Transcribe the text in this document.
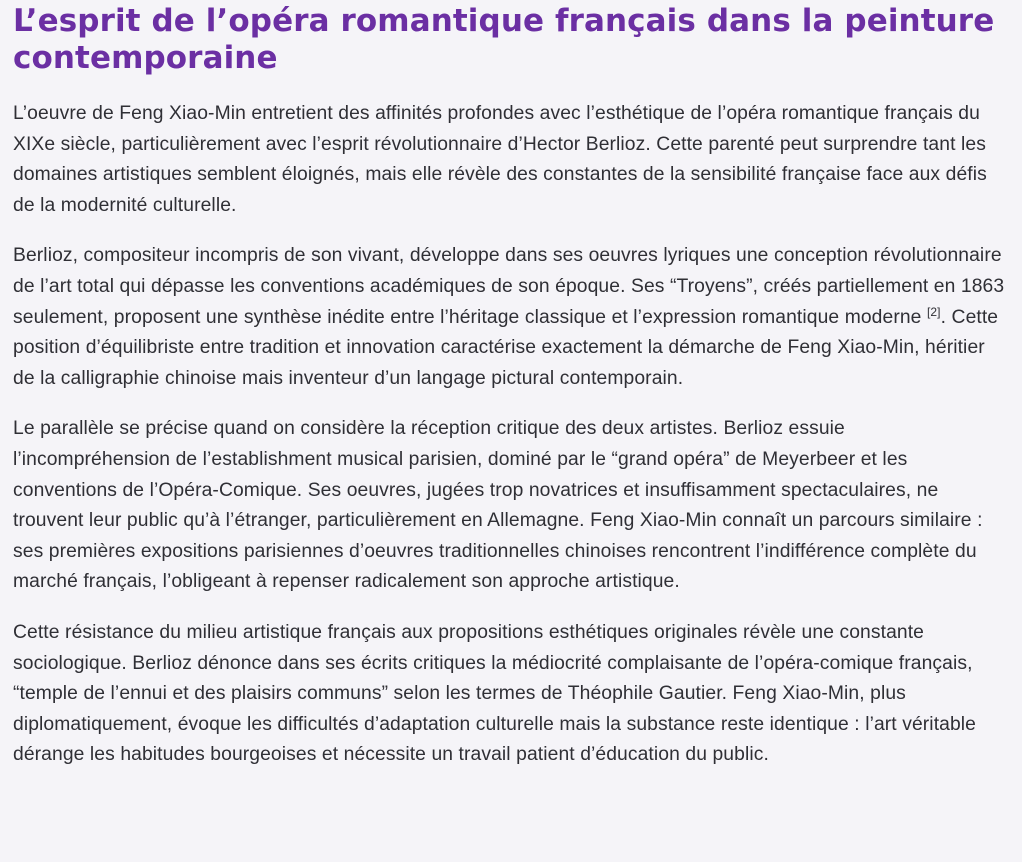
L’esprit de l’opéra romantique français dans la peinture contemporaine

L’oeuvre de Feng Xiao-Min entretient des affinités profondes avec l’esthétique de l’opéra romantique français du XIXe siècle, particulièrement avec l’esprit révolutionnaire d’Hector Berlioz. Cette parenté peut surprendre tant les domaines artistiques semblent éloignés, mais elle révèle des constantes de la sensibilité française face aux défis de la modernité culturelle.

Berlioz, compositeur incompris de son vivant, développe dans ses oeuvres lyriques une conception révolutionnaire de l’art total qui dépasse les conventions académiques de son époque. Ses “Troyens”, créés partiellement en 1863 seulement, proposent une synthèse inédite entre l’héritage classique et l’expression romantique moderne [2]. Cette position d’équilibriste entre tradition et innovation caractérise exactement la démarche de Feng Xiao-Min, héritier de la calligraphie chinoise mais inventeur d’un langage pictural contemporain.

Le parallèle se précise quand on considère la réception critique des deux artistes. Berlioz essuie l’incompréhension de l’establishment musical parisien, dominé par le “grand opéra” de Meyerbeer et les conventions de l’Opéra-Comique. Ses oeuvres, jugées trop novatrices et insuffisamment spectaculaires, ne trouvent leur public qu’à l’étranger, particulièrement en Allemagne. Feng Xiao-Min connaît un parcours similaire : ses premières expositions parisiennes d’oeuvres traditionnelles chinoises rencontrent l’indifférence complète du marché français, l’obligeant à repenser radicalement son approche artistique.

Cette résistance du milieu artistique français aux propositions esthétiques originales révèle une constante sociologique. Berlioz dénonce dans ses écrits critiques la médiocrité complaisante de l’opéra-comique français, “temple de l’ennui et des plaisirs communs” selon les termes de Théophile Gautier. Feng Xiao-Min, plus diplomatiquement, évoque les difficultés d’adaptation culturelle mais la substance reste identique : l’art véritable dérange les habitudes bourgeoises et nécessite un travail patient d’éducation du public.
